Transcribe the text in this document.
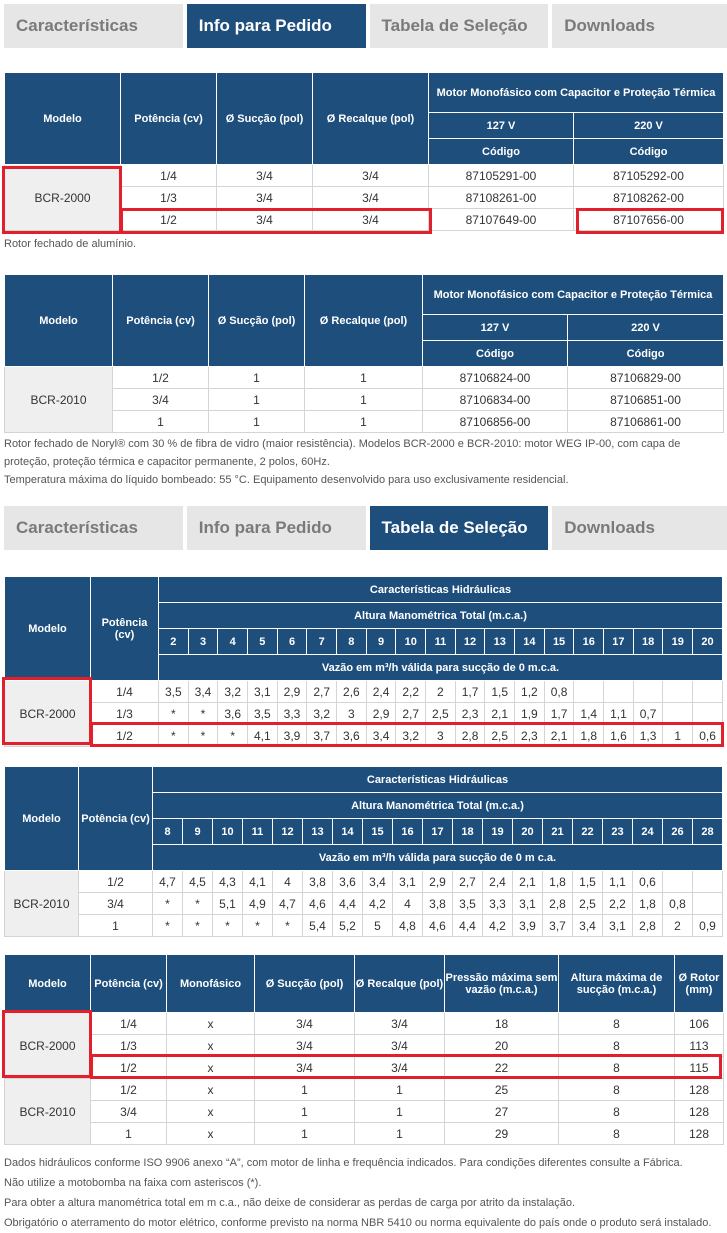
Características	Info para Pedido	Tabela de Seleção	Downloads
Modelo	Potência (cv)	Ø Sucção (pol)	Ø Recalque (pol)	Motor Monofásico com Capacitor e Proteção Térmica	
				127 V	220 V
				Código	Código
BCR-2000	1/4	3/4	3/4	87105291-00	87105292-00
	1/3	3/4	3/4	87108261-00	87108262-00
	1/2	3/4	3/4	87107649-00	87107656-00
Rotor fechado de alumínio.
Modelo	Potência (cv)	Ø Sucção (pol)	Ø Recalque (pol)	Motor Monofásico com Capacitor e Proteção Térmica	
				127 V	220 V
				Código	Código
BCR-2010	1/2	1	1	87106824-00	87106829-00
	3/4	1	1	87106834-00	87106851-00
	1	1	1	87106856-00	87106861-00
Rotor fechado de Noryl® com 30 % de fibra de vidro (maior resistência). Modelos BCR-2000 e BCR-2010: motor WEG IP-00, com capa de proteção, proteção térmica e capacitor permanente, 2 polos, 60Hz.
Temperatura máxima do líquido bombeado: 55 °C. Equipamento desenvolvido para uso exclusivamente residencial.
Características	Info para Pedido	Tabela de Seleção	Downloads
Modelo	Potência (cv)	Características Hidráulicas																		
		Altura Manométrica Total (m.c.a.)																		
		2	3	4	5	6	7	8	9	10	11	12	13	14	15	16	17	18	19	20
		Vazão em m³/h válida para sucção de 0 m.c.a.																		
BCR-2000	1/4	3,5	3,4	3,2	3,1	2,9	2,7	2,6	2,4	2,2	2	1,7	1,5	1,2	0,8					
	1/3	*	*	3,6	3,5	3,3	3,2	3	2,9	2,7	2,5	2,3	2,1	1,9	1,7	1,4	1,1	0,7		
	1/2	*	*	*	4,1	3,9	3,7	3,6	3,4	3,2	3	2,8	2,5	2,3	2,1	1,8	1,6	1,3	1	0,6
Modelo	Potência (cv)	Características Hidráulicas																		
		Altura Manométrica Total (m.c.a.)																		
		8	9	10	11	12	13	14	15	16	17	18	19	20	21	22	23	24	26	28
		Vazão em m³/h válida para sucção de 0 m c.a.																		
BCR-2010	1/2	4,7	4,5	4,3	4,1	4	3,8	3,6	3,4	3,1	2,9	2,7	2,4	2,1	1,8	1,5	1,1	0,6		
	3/4	*	*	5,1	4,9	4,7	4,6	4,4	4,2	4	3,8	3,5	3,3	3,1	2,8	2,5	2,2	1,8	0,8	
	1	*	*	*	*	*	5,4	5,2	5	4,8	4,6	4,4	4,2	3,9	3,7	3,4	3,1	2,8	2	0,9
Modelo	Potência (cv)	Monofásico	Ø Sucção (pol)	Ø Recalque (pol)	Pressão máxima sem vazão (m.c.a.)	Altura máxima de sucção (m.c.a.)	Ø Rotor (mm)
BCR-2000	1/4	x	3/4	3/4	18	8	106
	1/3	x	3/4	3/4	20	8	113
	1/2	x	3/4	3/4	22	8	115
BCR-2010	1/2	x	1	1	25	8	128
	3/4	x	1	1	27	8	128
	1	x	1	1	29	8	128
Dados hidráulicos conforme ISO 9906 anexo “A”, com motor de linha e frequência indicados. Para condições diferentes consulte a Fábrica.
Não utilize a motobomba na faixa com asteriscos (*).
Para obter a altura manométrica total em m c.a., não deixe de considerar as perdas de carga por atrito da instalação.
Obrigatório o aterramento do motor elétrico, conforme previsto na norma NBR 5410 ou norma equivalente do país onde o produto será instalado.
